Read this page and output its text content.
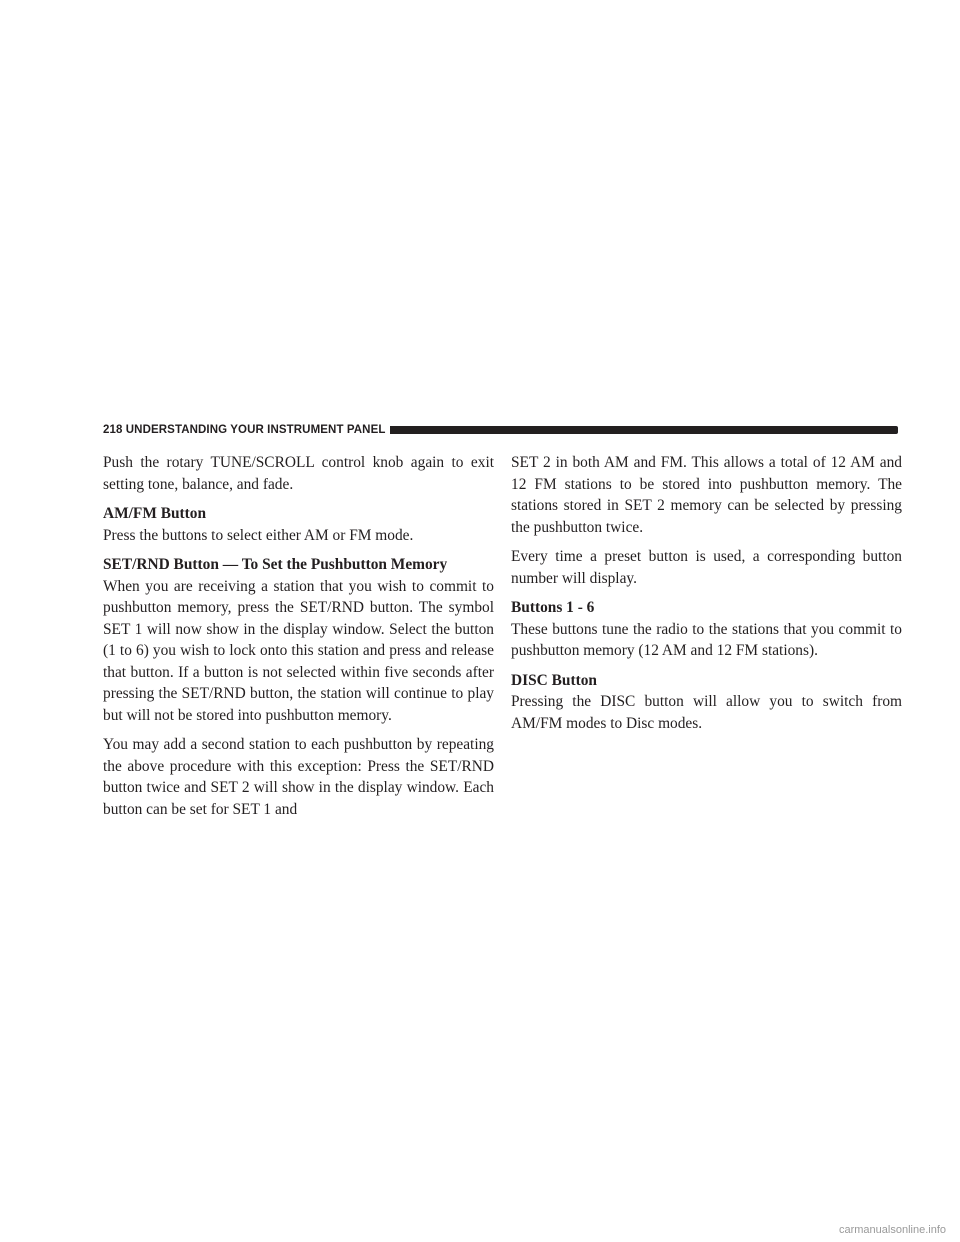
218 UNDERSTANDING YOUR INSTRUMENT PANEL

Push the rotary TUNE/SCROLL control knob again to exit setting tone, balance, and fade.

AM/FM Button

Press the buttons to select either AM or FM mode.

SET/RND Button — To Set the Pushbutton Memory

When you are receiving a station that you wish to commit to pushbutton memory, press the SET/RND button. The symbol SET 1 will now show in the display window. Select the button (1 to 6) you wish to lock onto this station and press and release that button. If a button is not selected within five seconds after pressing the SET/RND button, the station will continue to play but will not be stored into pushbutton memory.

You may add a second station to each pushbutton by repeating the above procedure with this exception: Press the SET/RND button twice and SET 2 will show in the display window. Each button can be set for SET 1 and

SET 2 in both AM and FM. This allows a total of 12 AM and 12 FM stations to be stored into pushbutton memory. The stations stored in SET 2 memory can be selected by pressing the pushbutton twice.

Every time a preset button is used, a corresponding button number will display.

Buttons 1 - 6

These buttons tune the radio to the stations that you commit to pushbutton memory (12 AM and 12 FM stations).

DISC Button

Pressing the DISC button will allow you to switch from AM/FM modes to Disc modes.

carmanualsonline.info
